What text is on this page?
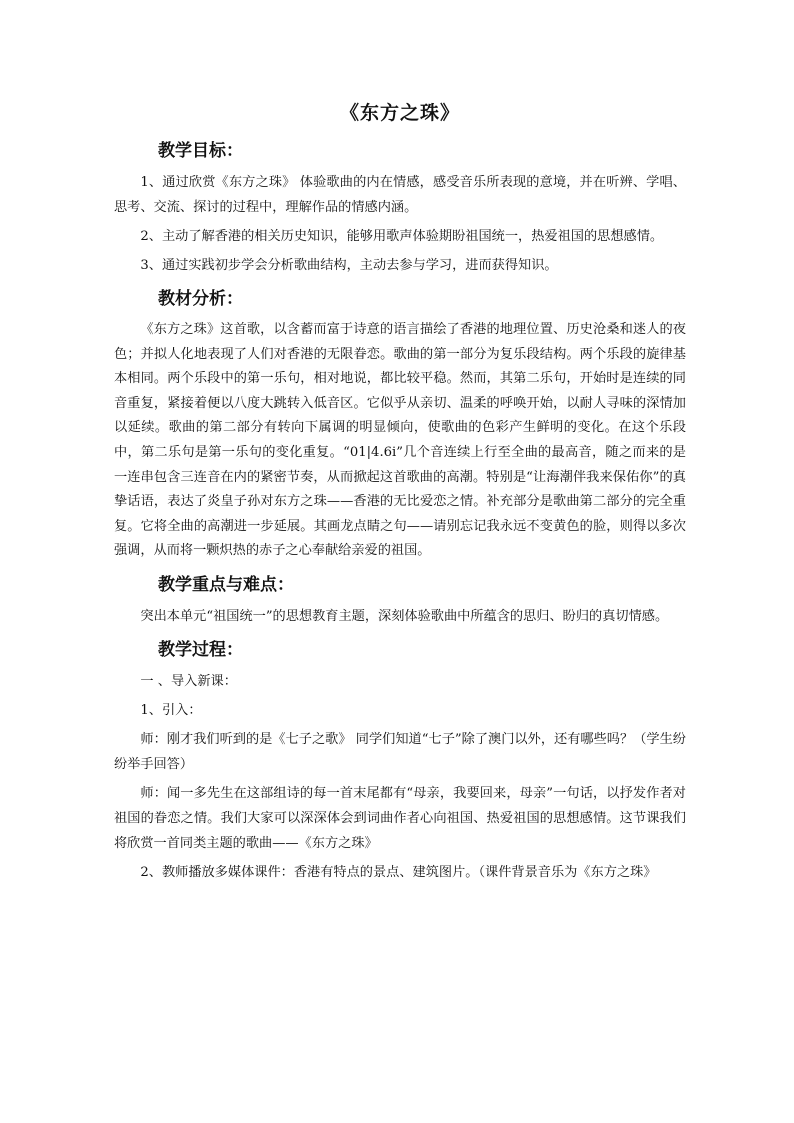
《东方之珠》
教学目标：

1、通过欣赏《东方之珠》 体验歌曲的内在情感，感受音乐所表现的意境，并在听辨、学唱、思考、交流、探讨的过程中，理解作品的情感内涵。

2、主动了解香港的相关历史知识，能够用歌声体验期盼祖国统一，热爱祖国的思想感情。

3、通过实践初步学会分析歌曲结构，主动去参与学习，进而获得知识。

教材分析：

《东方之珠》这首歌，以含蓄而富于诗意的语言描绘了香港的地理位置、历史沧桑和迷人的夜色；并拟人化地表现了人们对香港的无限眷恋。歌曲的第一部分为复乐段结构。两个乐段的旋律基本相同。两个乐段中的第一乐句，相对地说，都比较平稳。然而，其第二乐句，开始时是连续的同音重复，紧接着便以八度大跳转入低音区。它似乎从亲切、温柔的呼唤开始，以耐人寻味的深情加以延续。歌曲的第二部分有转向下属调的明显倾向，使歌曲的色彩产生鲜明的变化。在这个乐段中，第二乐句是第一乐句的变化重复。“01|4.6i”几个音连续上行至全曲的最高音，随之而来的是一连串包含三连音在内的紧密节奏，从而掀起这首歌曲的高潮。特别是“让海潮伴我来保佑你”的真挚话语，表达了炎皇子孙对东方之珠——香港的无比爱恋之情。补充部分是歌曲第二部分的完全重复。它将全曲的高潮进一步延展。其画龙点睛之句——请别忘记我永远不变黄色的脸，则得以多次强调，从而将一颗炽热的赤子之心奉献给亲爱的祖国。

教学重点与难点：

突出本单元“祖国统一”的思想教育主题，深刻体验歌曲中所蕴含的思归、盼归的真切情感。

教学过程：

一 、导入新课：

1、引入：

师：刚才我们听到的是《七子之歌》 同学们知道“七子”除了澳门以外，还有哪些吗？（学生纷纷举手回答）

师：闻一多先生在这部组诗的每一首末尾都有“母亲，我要回来，母亲”一句话，以抒发作者对祖国的眷恋之情。我们大家可以深深体会到词曲作者心向祖国、热爱祖国的思想感情。这节课我们将欣赏一首同类主题的歌曲——《东方之珠》

2、教师播放多媒体课件：香港有特点的景点、建筑图片。（课件背景音乐为《东方之珠》
